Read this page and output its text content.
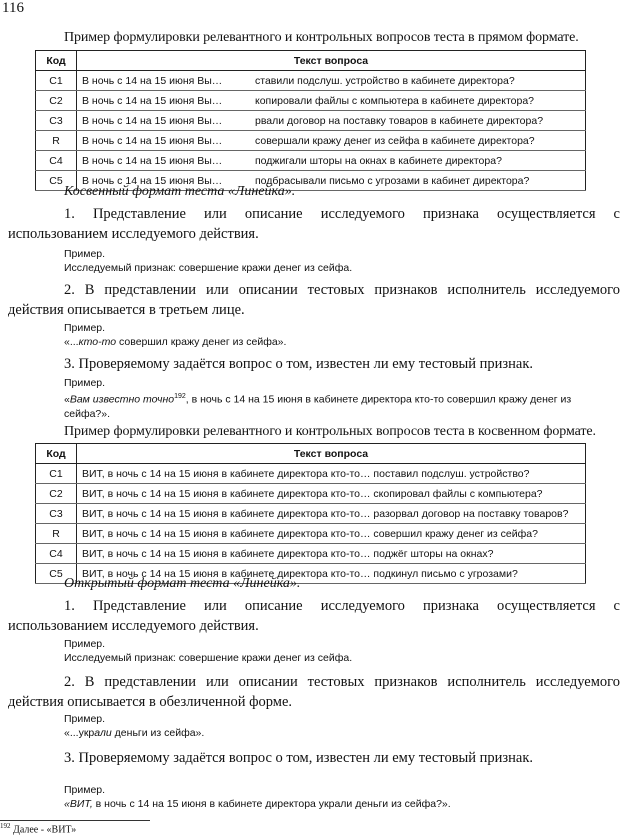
116
Пример формулировки релевантного и контрольных вопросов теста в прямом формате.
Код	Текст вопроса
C1	В ночь с 14 на 15 июня Вы… ставили подслуш. устройство в кабинете директора?
C2	В ночь с 14 на 15 июня Вы… копировали файлы с компьютера в кабинете директора?
C3	В ночь с 14 на 15 июня Вы… рвали договор на поставку товаров в кабинете директора?
R	В ночь с 14 на 15 июня Вы… совершали кражу денег из сейфа в кабинете директора?
C4	В ночь с 14 на 15 июня Вы… поджигали шторы на окнах в кабинете директора?
C5	В ночь с 14 на 15 июня Вы… подбрасывали письмо с угрозами в кабинет директора?
Косвенный формат теста «Линейка».
1. Представление или описание исследуемого признака осуществляется с использованием исследуемого действия.
Пример.
Исследуемый признак: совершение кражи денег из сейфа.
2. В представлении или описании тестовых признаков исполнитель исследуемого действия описывается в третьем лице.
Пример.
«...кто-то совершил кражу денег из сейфа».
3. Проверяемому задаётся вопрос о том, известен ли ему тестовый признак.
Пример.
«Вам известно точно$^{192}$, в ночь с 14 на 15 июня в кабинете директора кто-то совершил кражу денег из сейфа?».
Пример формулировки релевантного и контрольных вопросов теста в косвенном формате.
Код	Текст вопроса
C1	ВИТ, в ночь с 14 на 15 июня в кабинете директора кто-то… поставил подслуш. устройство?
C2	ВИТ, в ночь с 14 на 15 июня в кабинете директора кто-то… скопировал файлы с компьютера?
C3	ВИТ, в ночь с 14 на 15 июня в кабинете директора кто-то… разорвал договор на поставку товаров?
R	ВИТ, в ночь с 14 на 15 июня в кабинете директора кто-то… совершил кражу денег из сейфа?
C4	ВИТ, в ночь с 14 на 15 июня в кабинете директора кто-то… поджёг шторы на окнах?
C5	ВИТ, в ночь с 14 на 15 июня в кабинете директора кто-то… подкинул письмо с угрозами?
Открытый формат теста «Линейка».
1. Представление или описание исследуемого признака осуществляется с использованием исследуемого действия.
Пример.
Исследуемый признак: совершение кражи денег из сейфа.
2. В представлении или описании тестовых признаков исполнитель исследуемого действия описывается в обезличенной форме.
Пример.
«...украли деньги из сейфа».
3. Проверяемому задаётся вопрос о том, известен ли ему тестовый признак.
Пример.
«ВИТ, в ночь с 14 на 15 июня в кабинете директора украли деньги из сейфа?».
$^{192}$ Далее - «ВИТ»
